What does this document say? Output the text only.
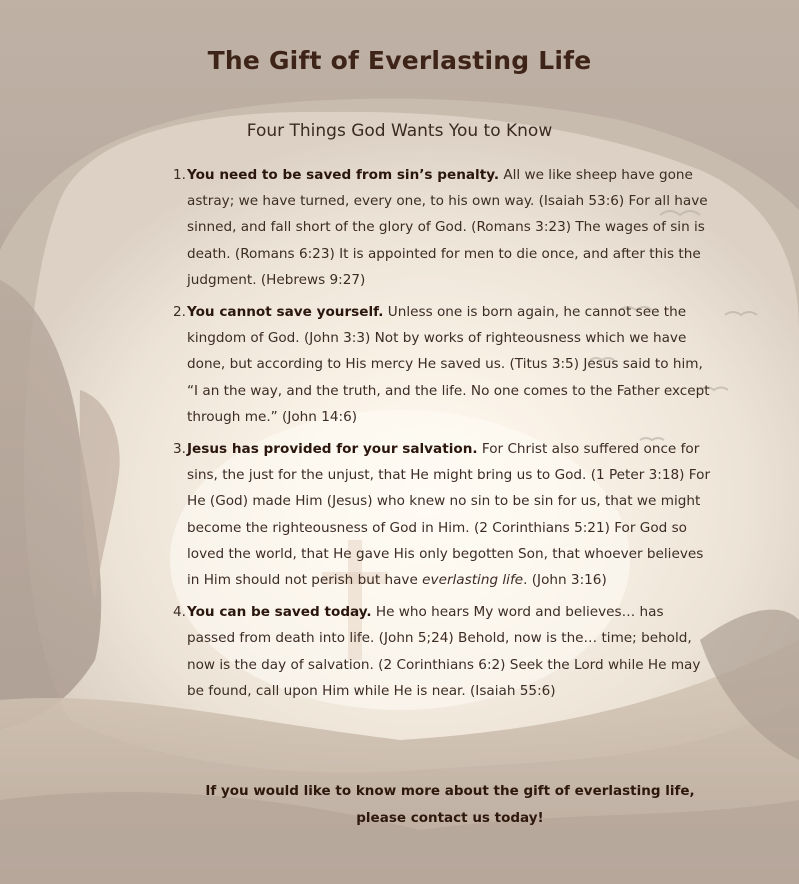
The Gift of Everlasting Life
Four Things God Wants You to Know
1. You need to be saved from sin’s penalty. All we like sheep have gone astray; we have turned, every one, to his own way. (Isaiah 53:6) For all have sinned, and fall short of the glory of God. (Romans 3:23) The wages of sin is death. (Romans 6:23) It is appointed for men to die once, and after this the judgment. (Hebrews 9:27)
2. You cannot save yourself. Unless one is born again, he cannot see the kingdom of God. (John 3:3) Not by works of righteousness which we have done, but according to His mercy He saved us. (Titus 3:5) Jesus said to him, “I an the way, and the truth, and the life. No one comes to the Father except through me.” (John 14:6)
3. Jesus has provided for your salvation. For Christ also suffered once for sins, the just for the unjust, that He might bring us to God. (1 Peter 3:18) For He (God) made Him (Jesus) who knew no sin to be sin for us, that we might become the righteousness of God in Him. (2 Corinthians 5:21) For God so loved the world, that He gave His only begotten Son, that whoever believes in Him should not perish but have everlasting life. (John 3:16)
4. You can be saved today. He who hears My word and believes… has passed from death into life. (John 5;24) Behold, now is the… time; behold, now is the day of salvation. (2 Corinthians 6:2) Seek the Lord while He may be found, call upon Him while He is near. (Isaiah 55:6)
If you would like to know more about the gift of everlasting life, please contact us today!
